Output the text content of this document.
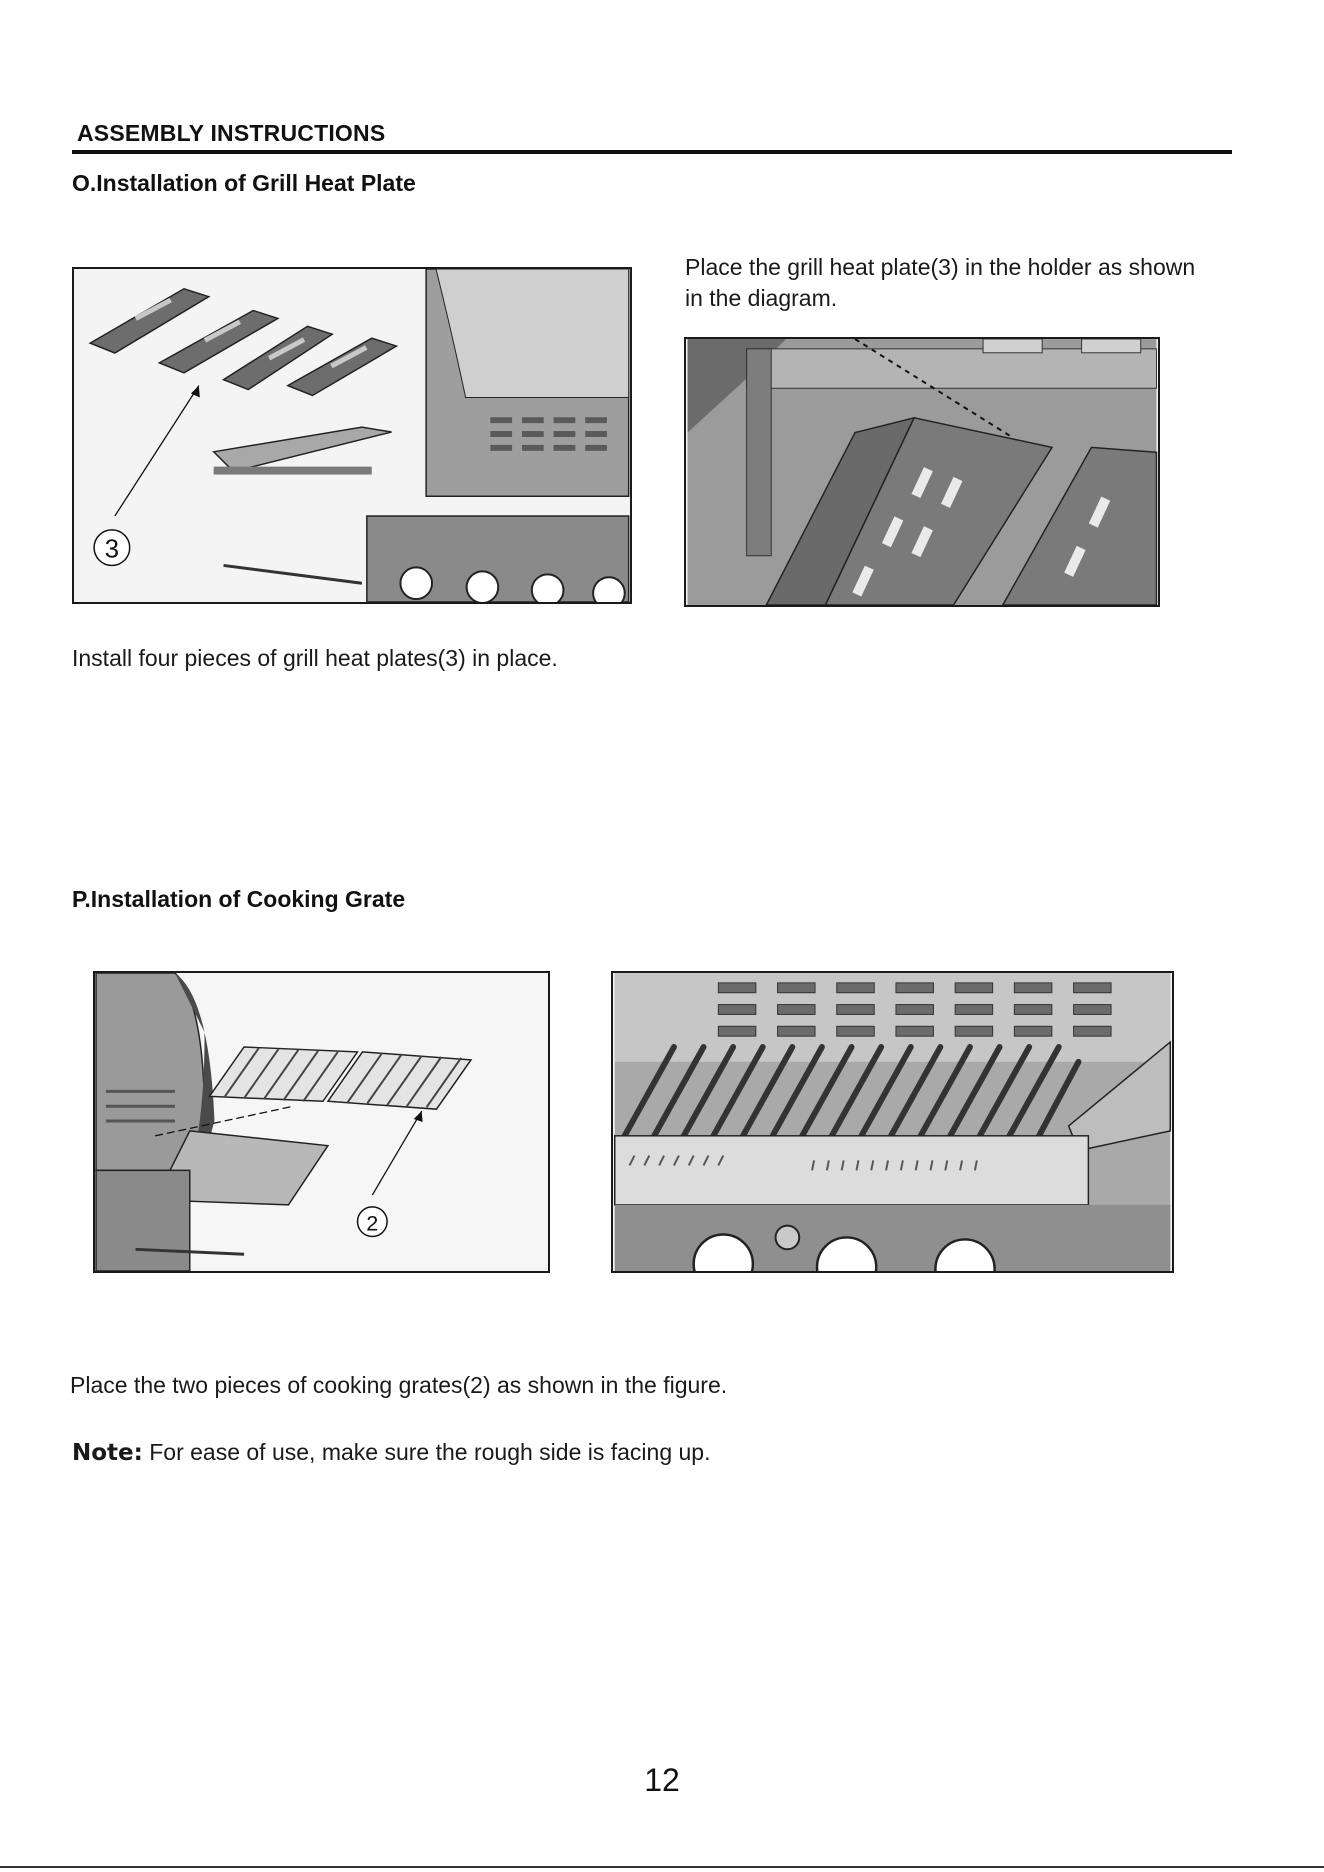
ASSEMBLY INSTRUCTIONS
O.Installation of Grill Heat Plate
3
Place the grill heat plate(3) in the holder as shown in the diagram.
Install four pieces of grill heat plates(3) in place.
P.Installation of Cooking Grate
2
Place the two pieces of cooking grates(2) as shown in the figure.
Note: For ease of use, make sure the rough side is facing up.
12
